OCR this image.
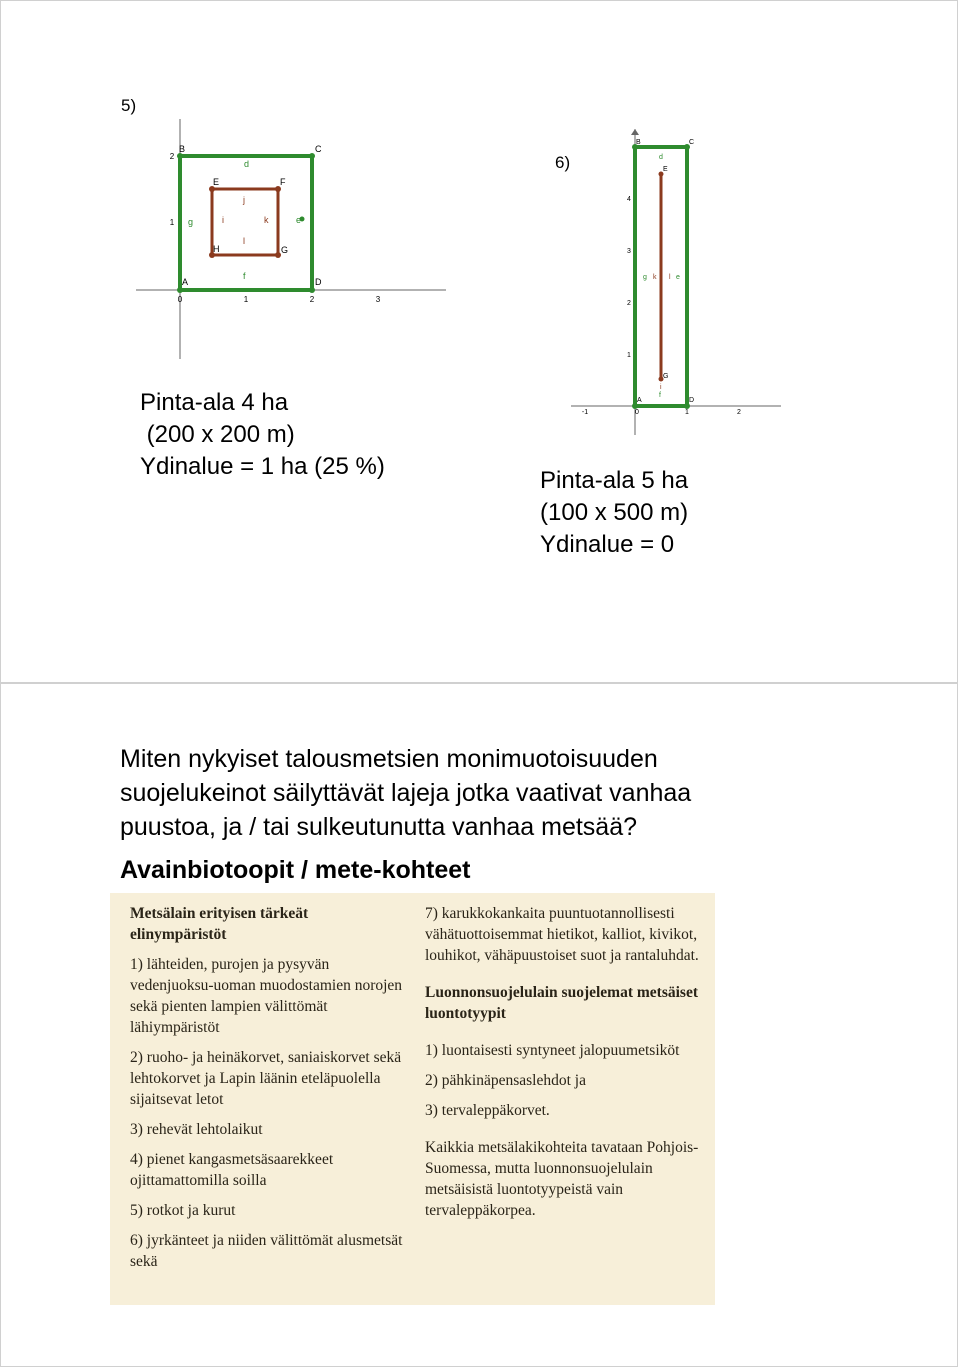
5)
0	1	2	3
1
2
A
B	C
D
E	F
G
H
d
g	e
f
j
i	k
l
Pinta-ala 4 ha
(200 x 200 m)
Ydinalue = 1 ha (25 %)
6)
-1	0	1	2
1
2
3
4
A
B	C
D
E
G
d
g k l e
f
i
Pinta-ala 5 ha
(100 x 500 m)
Ydinalue = 0
Miten nykyiset talousmetsien monimuotoisuuden
suojelukeinot säilyttävät lajeja jotka vaativat vanhaa
puustoa, ja / tai sulkeutunutta vanhaa metsää?
Avainbiotoopit / mete-kohteet

Metsälain erityisen tärkeät elinympäristöt

1) lähteiden, purojen ja pysyvän vedenjuoksu-uoman muodostamien norojen sekä pienten lampien välittömät lähiympäristöt

2) ruoho- ja heinäkorvet, saniaiskorvet sekä lehtokorvet ja Lapin läänin eteläpuolella sijaitsevat letot

3) rehevät lehtolaikut

4) pienet kangasmetsäsaarekkeet ojittamattomilla soilla

5) rotkot ja kurut

6) jyrkänteet ja niiden välittömät alusmetsät sekä

7) karukkokankaita puuntuotannollisesti vähätuottoisemmat hietikot, kalliot, kivikot, louhikot, vähäpuustoiset suot ja rantaluhdat.

Luonnonsuojelulain suojelemat metsäiset luontotyypit

1) luontaisesti syntyneet jalopuumetsiköt

2) pähkinäpensaslehdot ja

3) tervaleppäkorvet.

Kaikkia metsälakikohteita tavataan Pohjois-Suomessa, mutta luonnonsuojelulain metsäisistä luontotyypeistä vain tervaleppäkorpea.
